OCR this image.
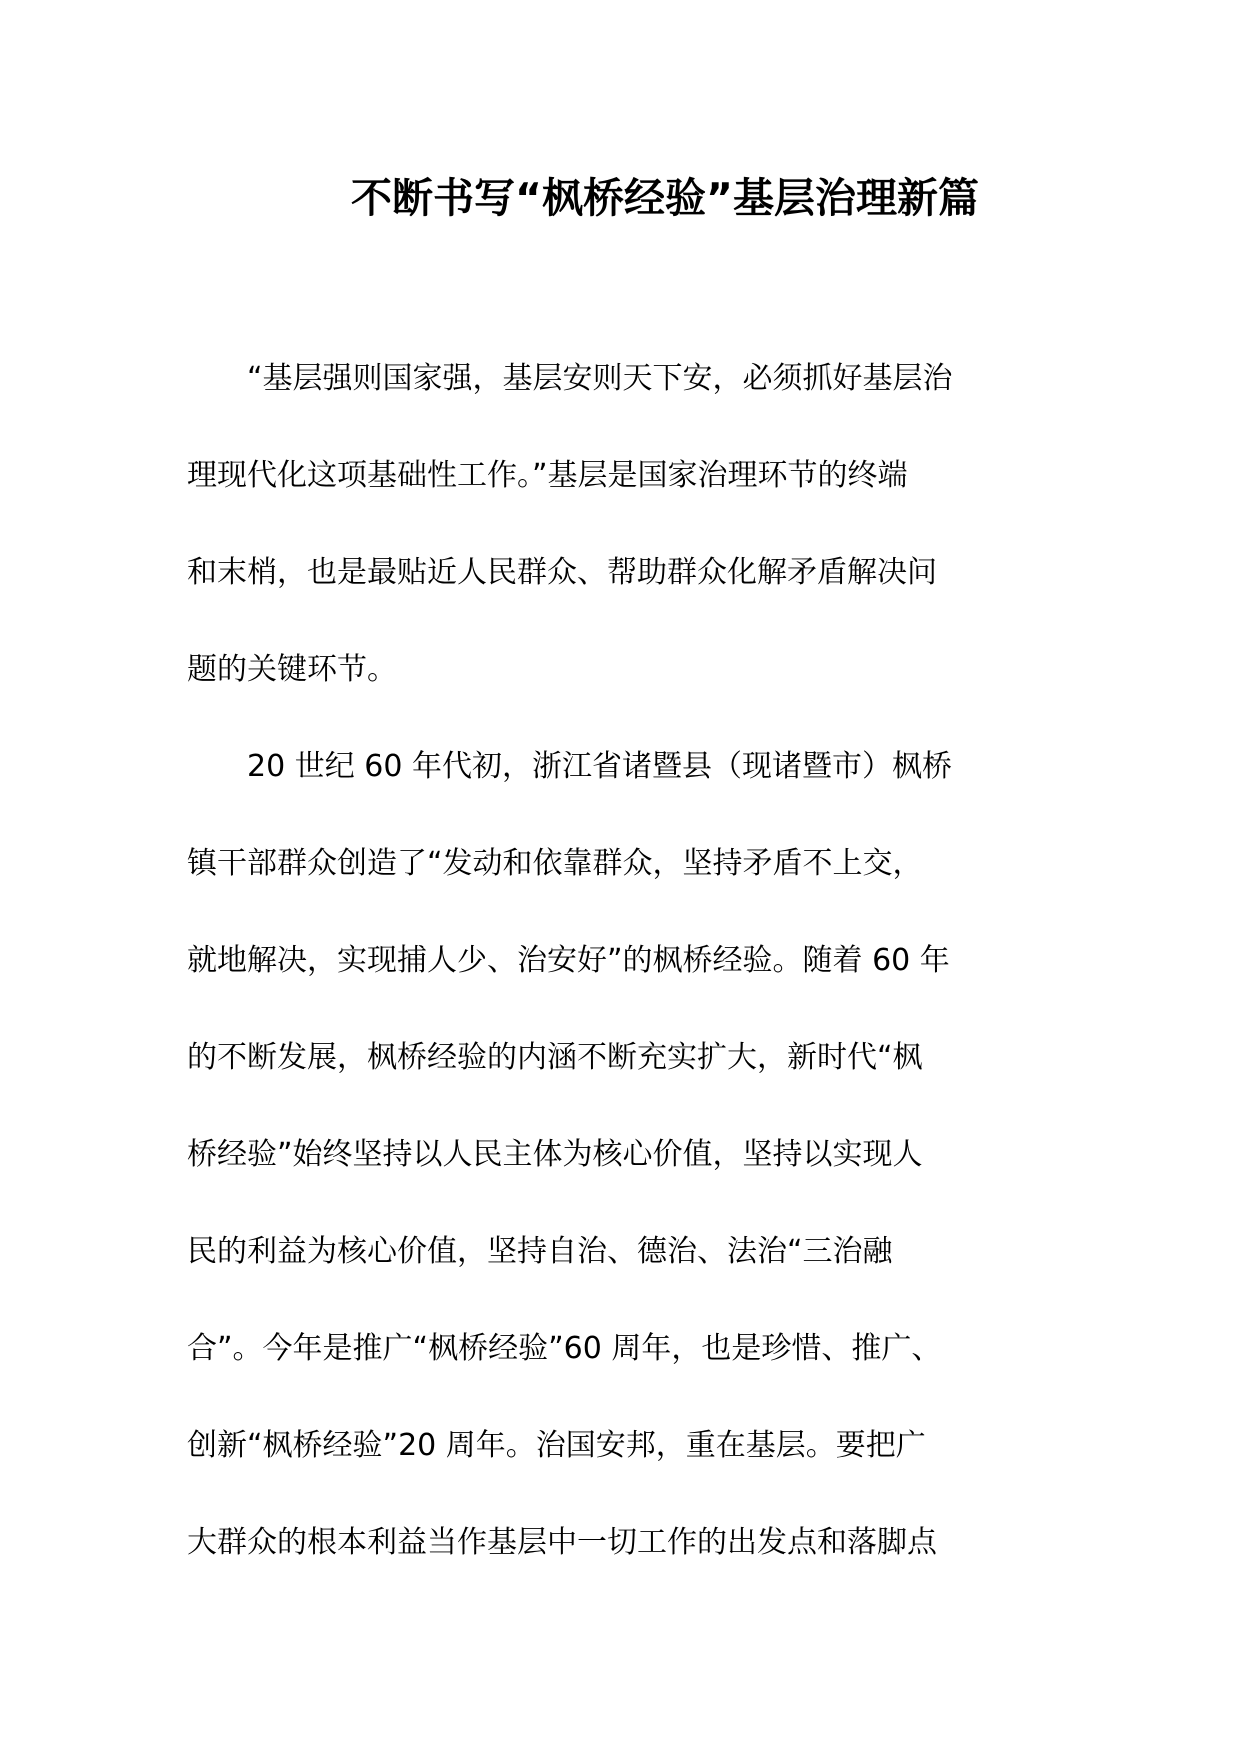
不断书写“枫桥经验”基层治理新篇
　　“基层强则国家强，基层安则天下安，必须抓好基层治
理现代化这项基础性工作。”基层是国家治理环节的终端
和末梢，也是最贴近人民群众、帮助群众化解矛盾解决问
题的关键环节。
　　20 世纪 60 年代初，浙江省诸暨县（现诸暨市）枫桥
镇干部群众创造了“发动和依靠群众，坚持矛盾不上交，
就地解决，实现捕人少、治安好”的枫桥经验。随着 60 年
的不断发展，枫桥经验的内涵不断充实扩大，新时代“枫
桥经验”始终坚持以人民主体为核心价值，坚持以实现人
民的利益为核心价值，坚持自治、德治、法治“三治融
合”。今年是推广“枫桥经验”60 周年，也是珍惜、推广、
创新“枫桥经验”20 周年。治国安邦，重在基层。要把广
大群众的根本利益当作基层中一切工作的出发点和落脚点
